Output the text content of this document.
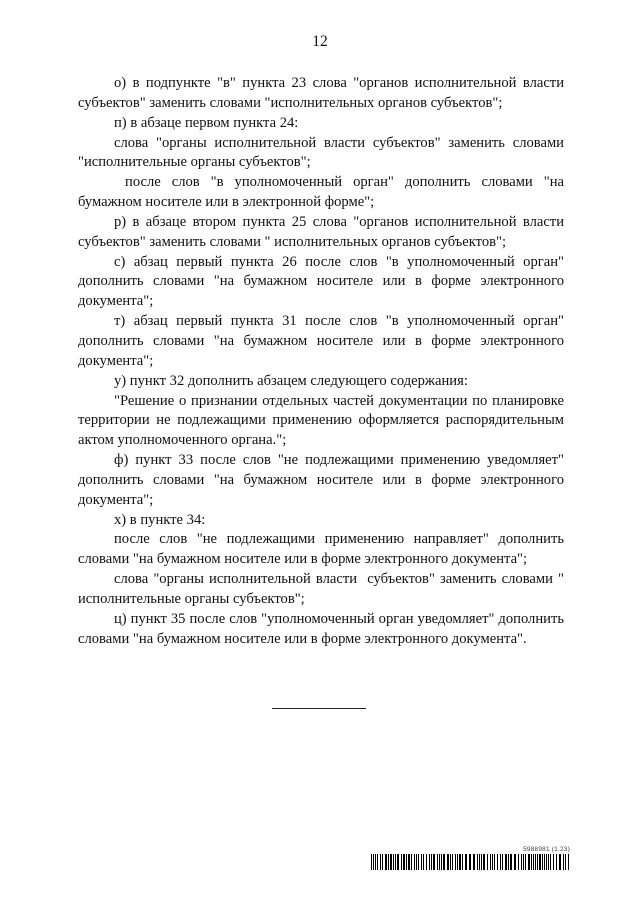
12

о) в подпункте "в" пункта 23 слова "органов исполнительной власти субъектов" заменить словами "исполнительных органов субъектов";

п) в абзаце первом пункта 24:

слова "органы исполнительной власти субъектов" заменить словами "исполнительные органы субъектов";

после слов "в уполномоченный орган" дополнить словами "на бумажном носителе или в электронной форме";

р) в абзаце втором пункта 25 слова "органов исполнительной власти субъектов" заменить словами " исполнительных органов субъектов";

с) абзац первый пункта 26 после слов "в уполномоченный орган" дополнить словами "на бумажном носителе или в форме электронного документа";

т) абзац первый пункта 31 после слов "в уполномоченный орган" дополнить словами "на бумажном носителе или в форме электронного документа";

у) пункт 32 дополнить абзацем следующего содержания:

"Решение о признании отдельных частей документации по планировке территории не подлежащими применению оформляется распорядительным актом уполномоченного органа.";

ф) пункт 33 после слов "не подлежащими применению уведомляет" дополнить словами "на бумажном носителе или в форме электронного документа";

х) в пункте 34:

после слов "не подлежащими применению направляет" дополнить словами "на бумажном носителе или в форме электронного документа";

слова "органы исполнительной власти  субъектов" заменить словами " исполнительные органы субъектов";

ц) пункт 35 после слов "уполномоченный орган уведомляет" дополнить словами "на бумажном носителе или в форме электронного документа".

5988981 (1.23)
